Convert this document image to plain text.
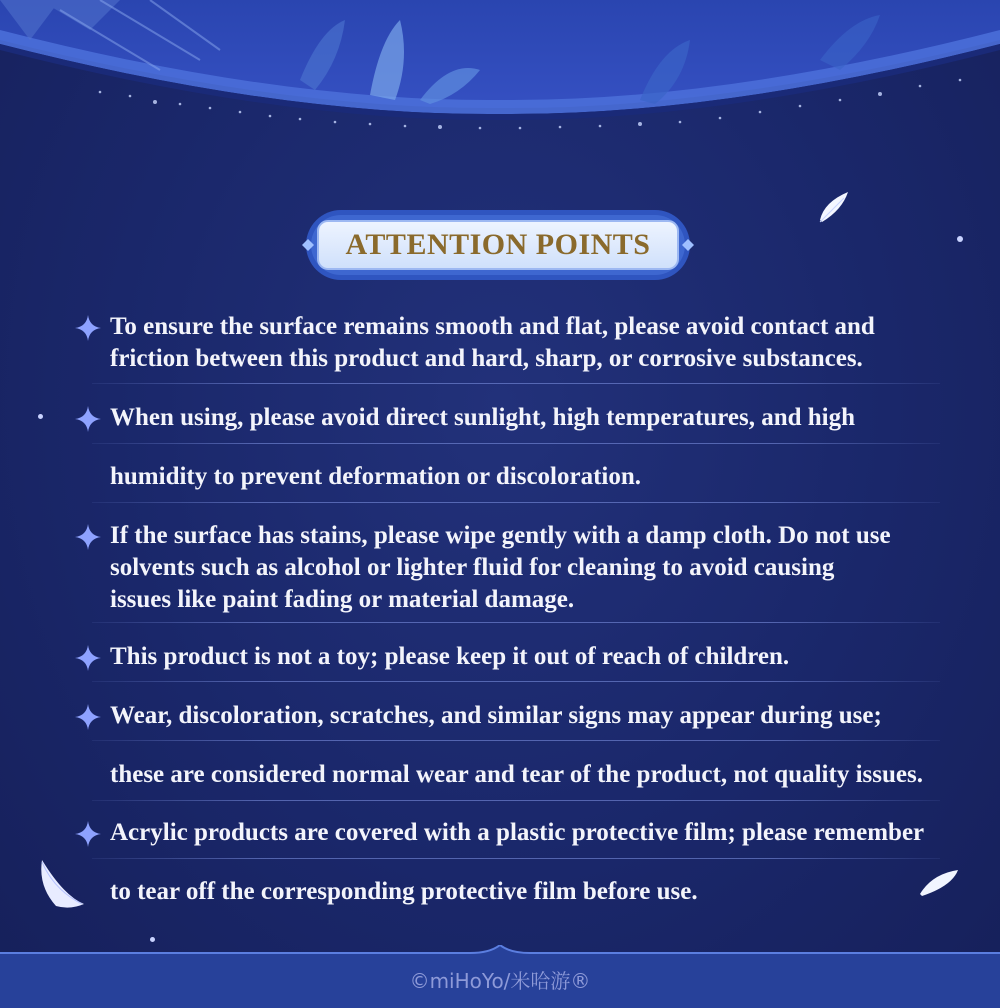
ATTENTION POINTS
To ensure the surface remains smooth and flat, please avoid contact and
friction between this product and hard, sharp, or corrosive substances.
When using, please avoid direct sunlight, high temperatures, and high
humidity to prevent deformation or discoloration.
If the surface has stains, please wipe gently with a damp cloth. Do not use
solvents such as alcohol or lighter fluid for cleaning to avoid causing
issues like paint fading or material damage.
This product is not a toy; please keep it out of reach of children.
Wear, discoloration, scratches, and similar signs may appear during use;
these are considered normal wear and tear of the product, not quality issues.
Acrylic products are covered with a plastic protective film; please remember
to tear off the corresponding protective film before use.
©miHoYo/米哈游®
